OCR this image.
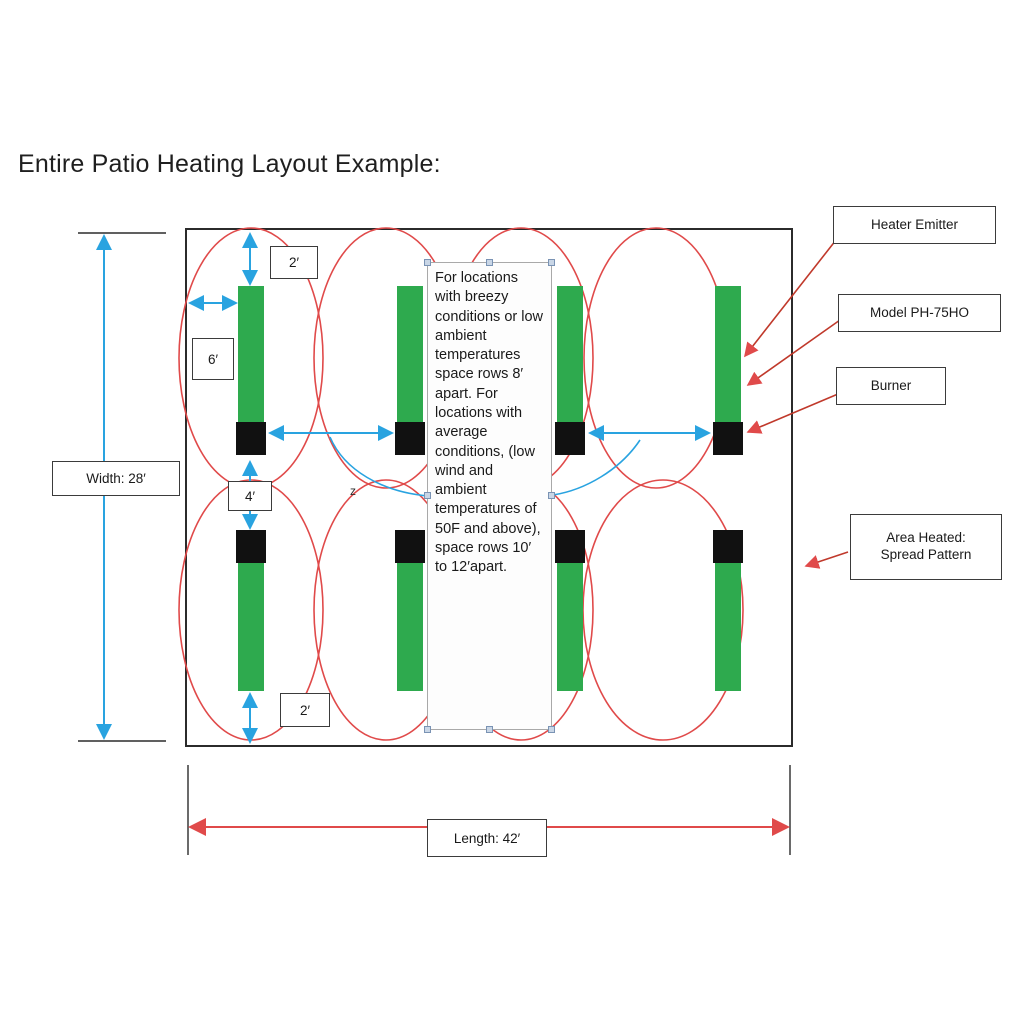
Entire Patio Heating Layout Example:
Heater Emitter
Model PH-75HO
Burner
Area Heated:
Spread Pattern
Width: 28′
Length: 42′
2′
6′
4′
2′
z
For locations with breezy conditions or low ambient temperatures space rows 8′ apart. For locations with average conditions, (low wind and ambient temperatures of 50F and above), space rows 10′ to 12′apart.
